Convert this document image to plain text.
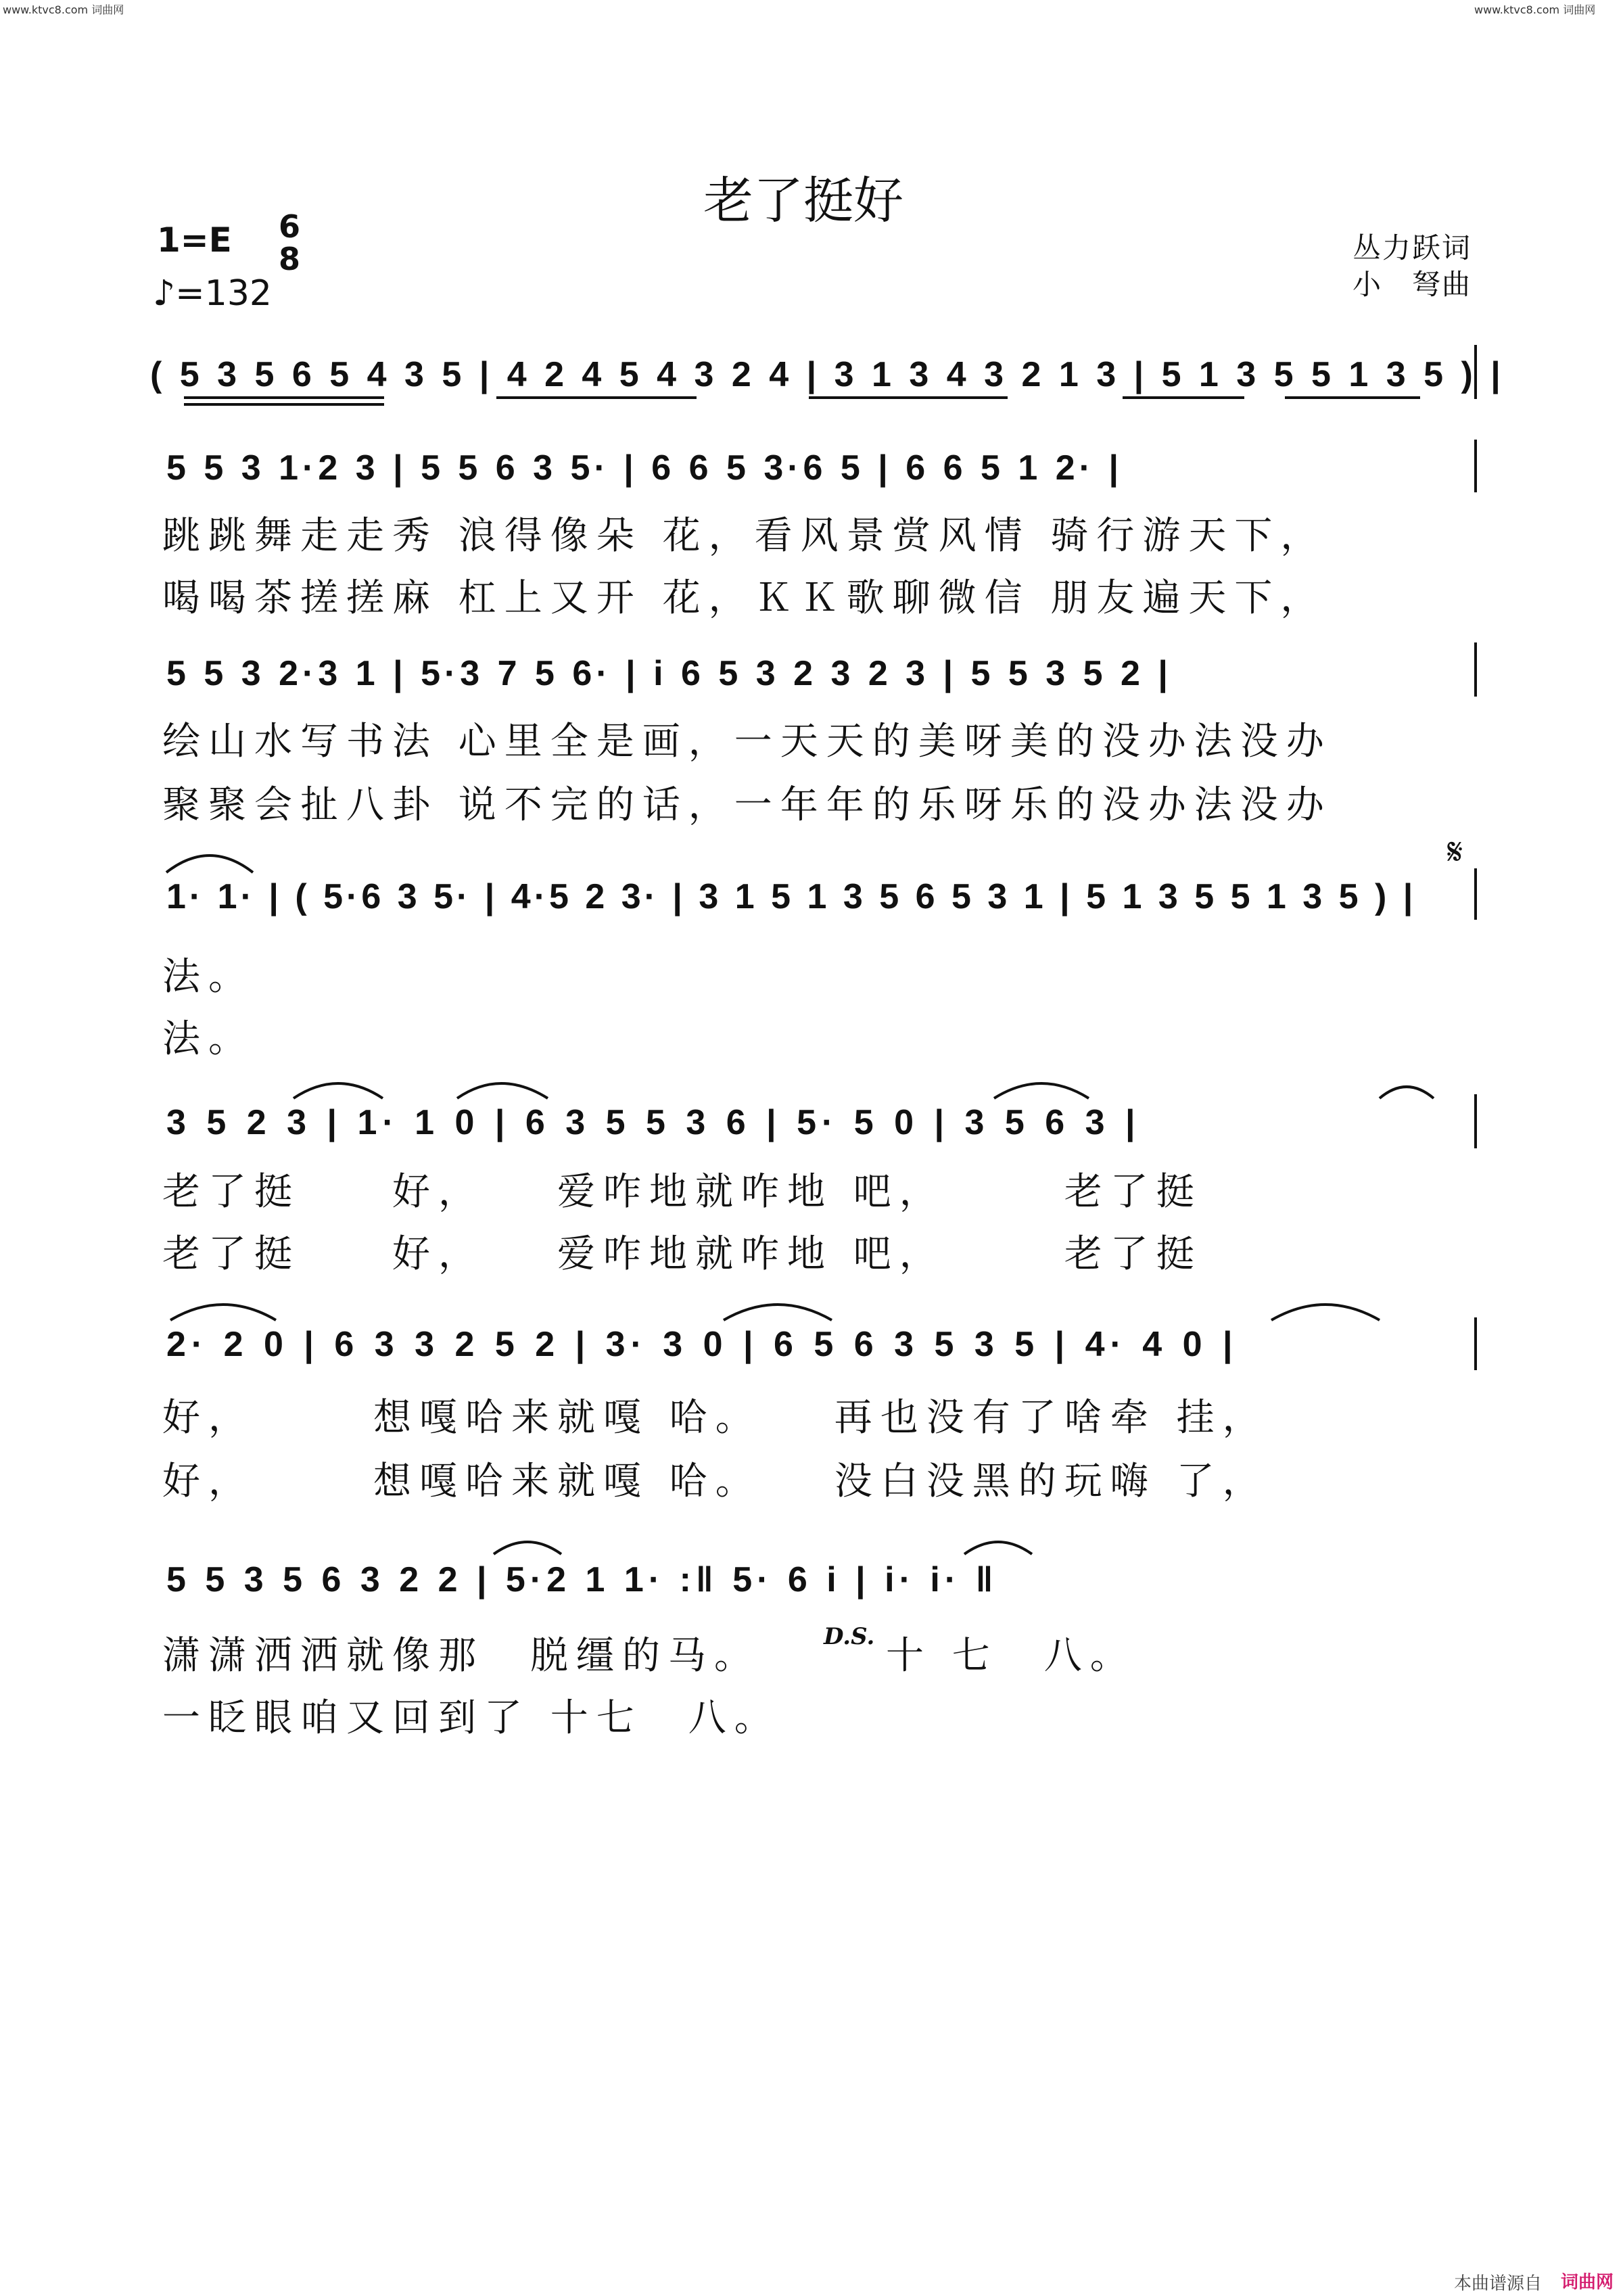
www.ktvc8.com 词曲网	www.ktvc8.com 词曲网
老了挺好
1=E 6
8
♪=132
丛力跃词
小　弩曲
( 5 3 5 6 5 4 3 5 | 4 2 4 5 4 3 2 4 | 3 1 3 4 3 2 1 3 | 5 1 3 5 5 1 3 5 ) |
5 5 3 1·2 3 | 5 5 6 3 5· | 6 6 5 3·6 5 | 6 6 5 1 2· |
5 5 3 2·3 1 | 5·3 7 5 6· | i 6 5 3 2 3 2 3 | 5 5 3 5 2 |
1· 1· | ( 5·6 3 5· | 4·5 2 3· | 3 1 5 1 3 5 6 5 3 1 | 5 1 3 5 5 1 3 5 ) |
3 5 2 3 | 1· 1 0 | 6 3 5 5 3 6 | 5· 5 0 | 3 5 6 3 |
2· 2 0 | 6 3 3 2 5 2 | 3· 3 0 | 6 5 6 3 5 3 5 | 4· 4 0 |
5 5 3 5 6 3 2 2 | 5·2 1 1· :‖ 5· 6 i | i· i· ‖
跳跳舞走走秀 浪得像朵 花，看风景赏风情 骑行游天下，
喝喝茶搓搓麻 杠上又开 花，ＫＫ歌聊微信 朋友遍天下，
绘山水写书法 心里全是画，一天天的美呀美的没办法没办
聚聚会扯八卦 说不完的话，一年年的乐呀乐的没办法没办
法。
法。
老了挺　　好，　　爱咋地就咋地 吧，　　　老了挺
老了挺　　好，　　爱咋地就咋地 吧，　　　老了挺
好，　　　想嘎哈来就嘎 哈。　　再也没有了啥牵 挂，
好，　　　想嘎哈来就嘎 哈。　　没白没黑的玩嗨 了，
潇潇洒洒就像那　脱缰的马。	D.S. 十 七　八。
一眨眼咱又回到了 十七　八。
𝄋
本曲谱源自 词曲网
